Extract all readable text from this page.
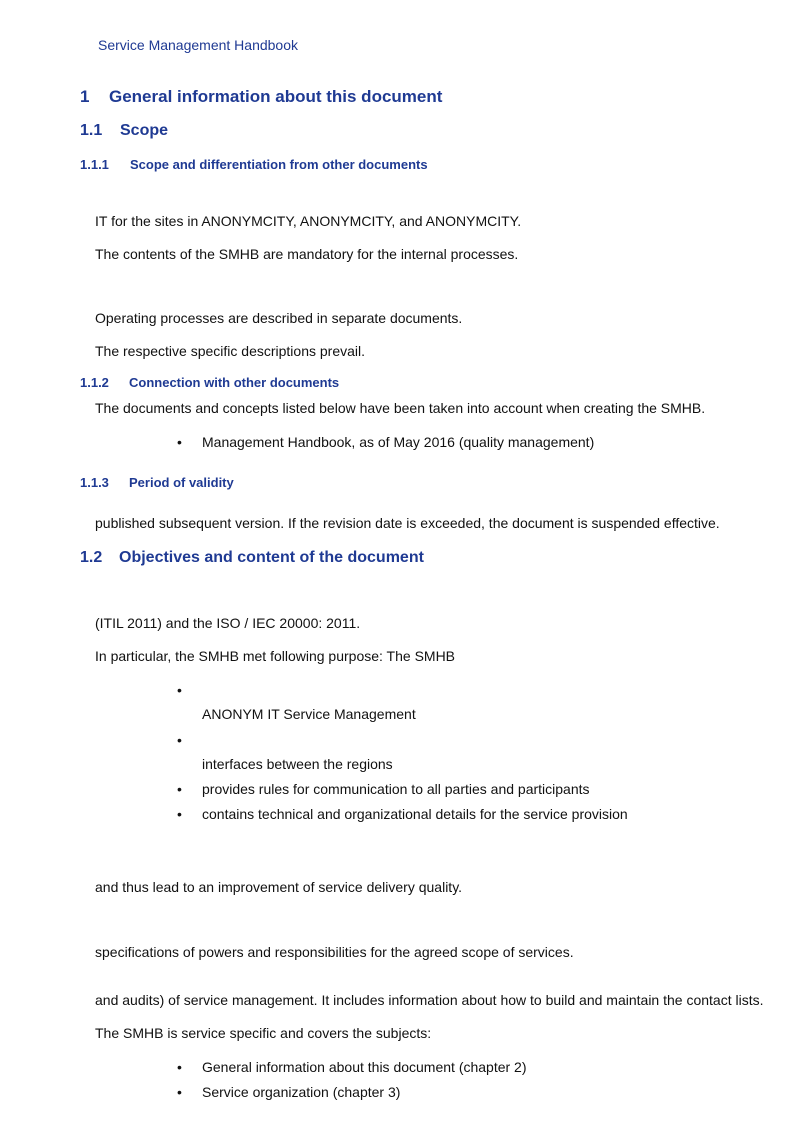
Service Management Handbook
1 General information about this document
1.1 Scope
1.1.1 Scope and differentiation from other documents
IT for the sites in ANONYMCITY, ANONYMCITY, and ANONYMCITY.
The contents of the SMHB are mandatory for the internal processes.
Operating processes are described in separate documents.
The respective specific descriptions prevail.
1.1.2 Connection with other documents
The documents and concepts listed below have been taken into account when creating the SMHB.
• Management Handbook, as of May 2016 (quality management)
1.1.3 Period of validity
published subsequent version. If the revision date is exceeded, the document is suspended effective.
1.2 Objectives and content of the document
(ITIL 2011) and the ISO / IEC 20000: 2011.
In particular, the SMHB met following purpose: The SMHB
•
ANONYM IT Service Management
•
interfaces between the regions
• provides rules for communication to all parties and participants
• contains technical and organizational details for the service provision
and thus lead to an improvement of service delivery quality.
specifications of powers and responsibilities for the agreed scope of services.
and audits) of service management. It includes information about how to build and maintain the contact lists.
The SMHB is service specific and covers the subjects:
• General information about this document (chapter 2)
• Service organization (chapter 3)
